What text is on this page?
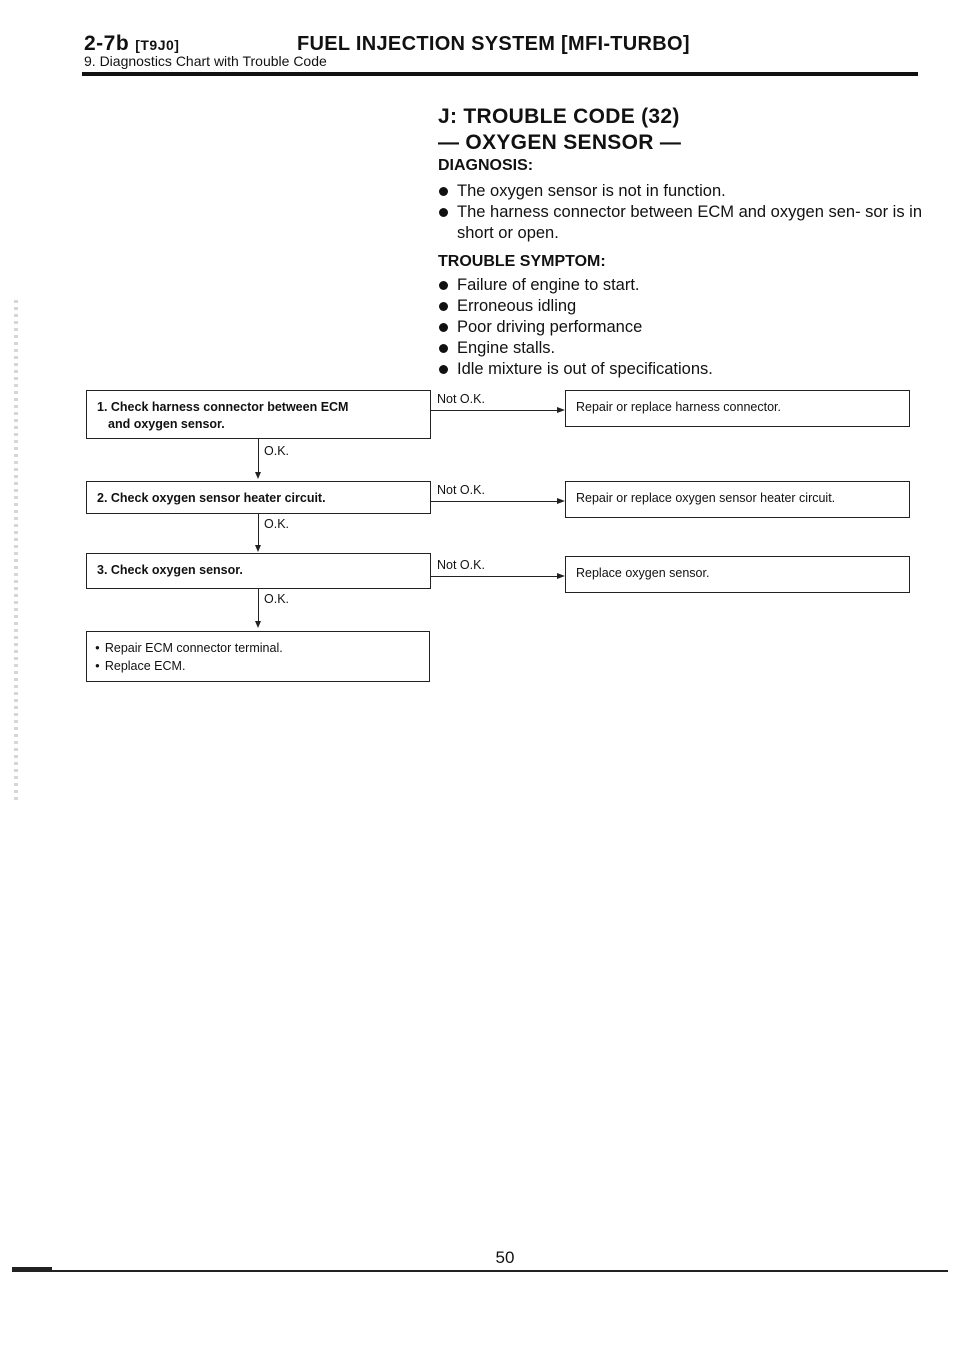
2-7b [T9J0]	FUEL INJECTION SYSTEM [MFI-TURBO]
9. Diagnostics Chart with Trouble Code
J: TROUBLE CODE (32)
— OXYGEN SENSOR —
DIAGNOSIS:
The oxygen sensor is not in function.
The harness connector between ECM and oxygen sen- sor is in short or open.
TROUBLE SYMPTOM:
Failure of engine to start.
Erroneous idling
Poor driving performance
Engine stalls.
Idle mixture is out of specifications.
1. Check harness connector between ECM
and oxygen sensor.
Not O.K.
Repair or replace harness connector.
O.K.
2. Check oxygen sensor heater circuit.
Not O.K.
Repair or replace oxygen sensor heater circuit.
O.K.
3. Check oxygen sensor.	Not O.K.
Replace oxygen sensor.
O.K.
● Repair ECM connector terminal.
● Replace ECM.
50
